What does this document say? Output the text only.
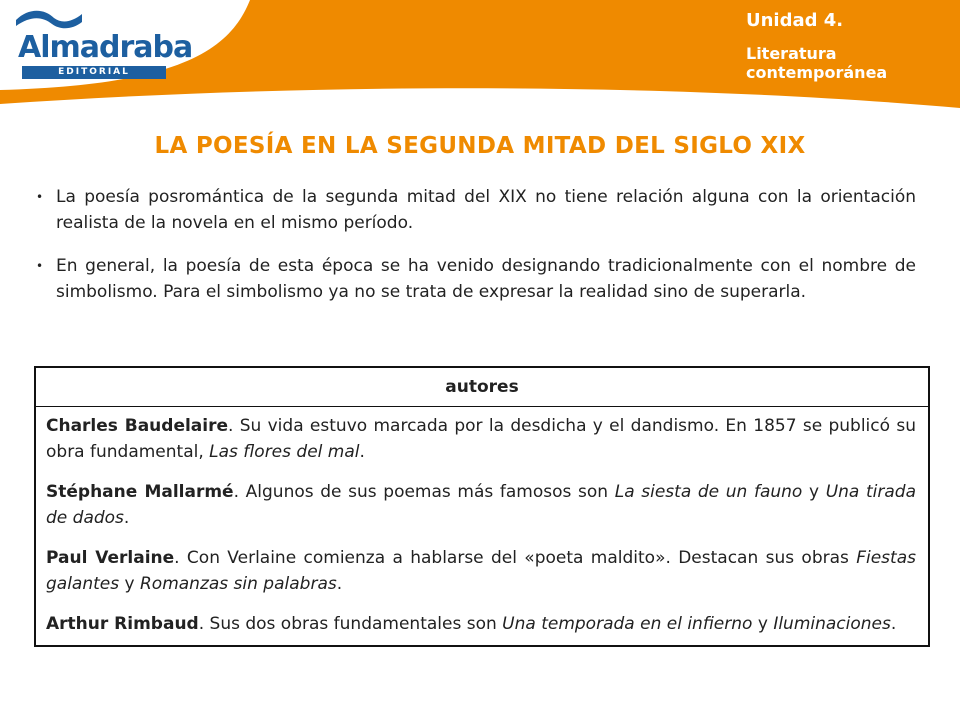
Almadraba
EDITORIAL

Unidad 4.

Literatura contemporánea

LA POESÍA EN LA SEGUNDA MITAD DEL SIGLO XIX
• La poesía posromántica de la segunda mitad del XIX no tiene relación alguna con la orientación realista de la novela en el mismo período.
• En general, la poesía de esta época se ha venido designando tradicionalmente con el nombre de simbolismo. Para el simbolismo ya no se trata de expresar la realidad sino de superarla.
autores

Charles Baudelaire. Su vida estuvo marcada por la desdicha y el dandismo. En 1857 se publicó su obra fundamental, Las flores del mal.

Stéphane Mallarmé. Algunos de sus poemas más famosos son La siesta de un fauno y Una tirada de dados.

Paul Verlaine. Con Verlaine comienza a hablarse del «poeta maldito». Destacan sus obras Fiestas galantes y Romanzas sin palabras.

Arthur Rimbaud. Sus dos obras fundamentales son Una temporada en el infierno y Iluminaciones.
